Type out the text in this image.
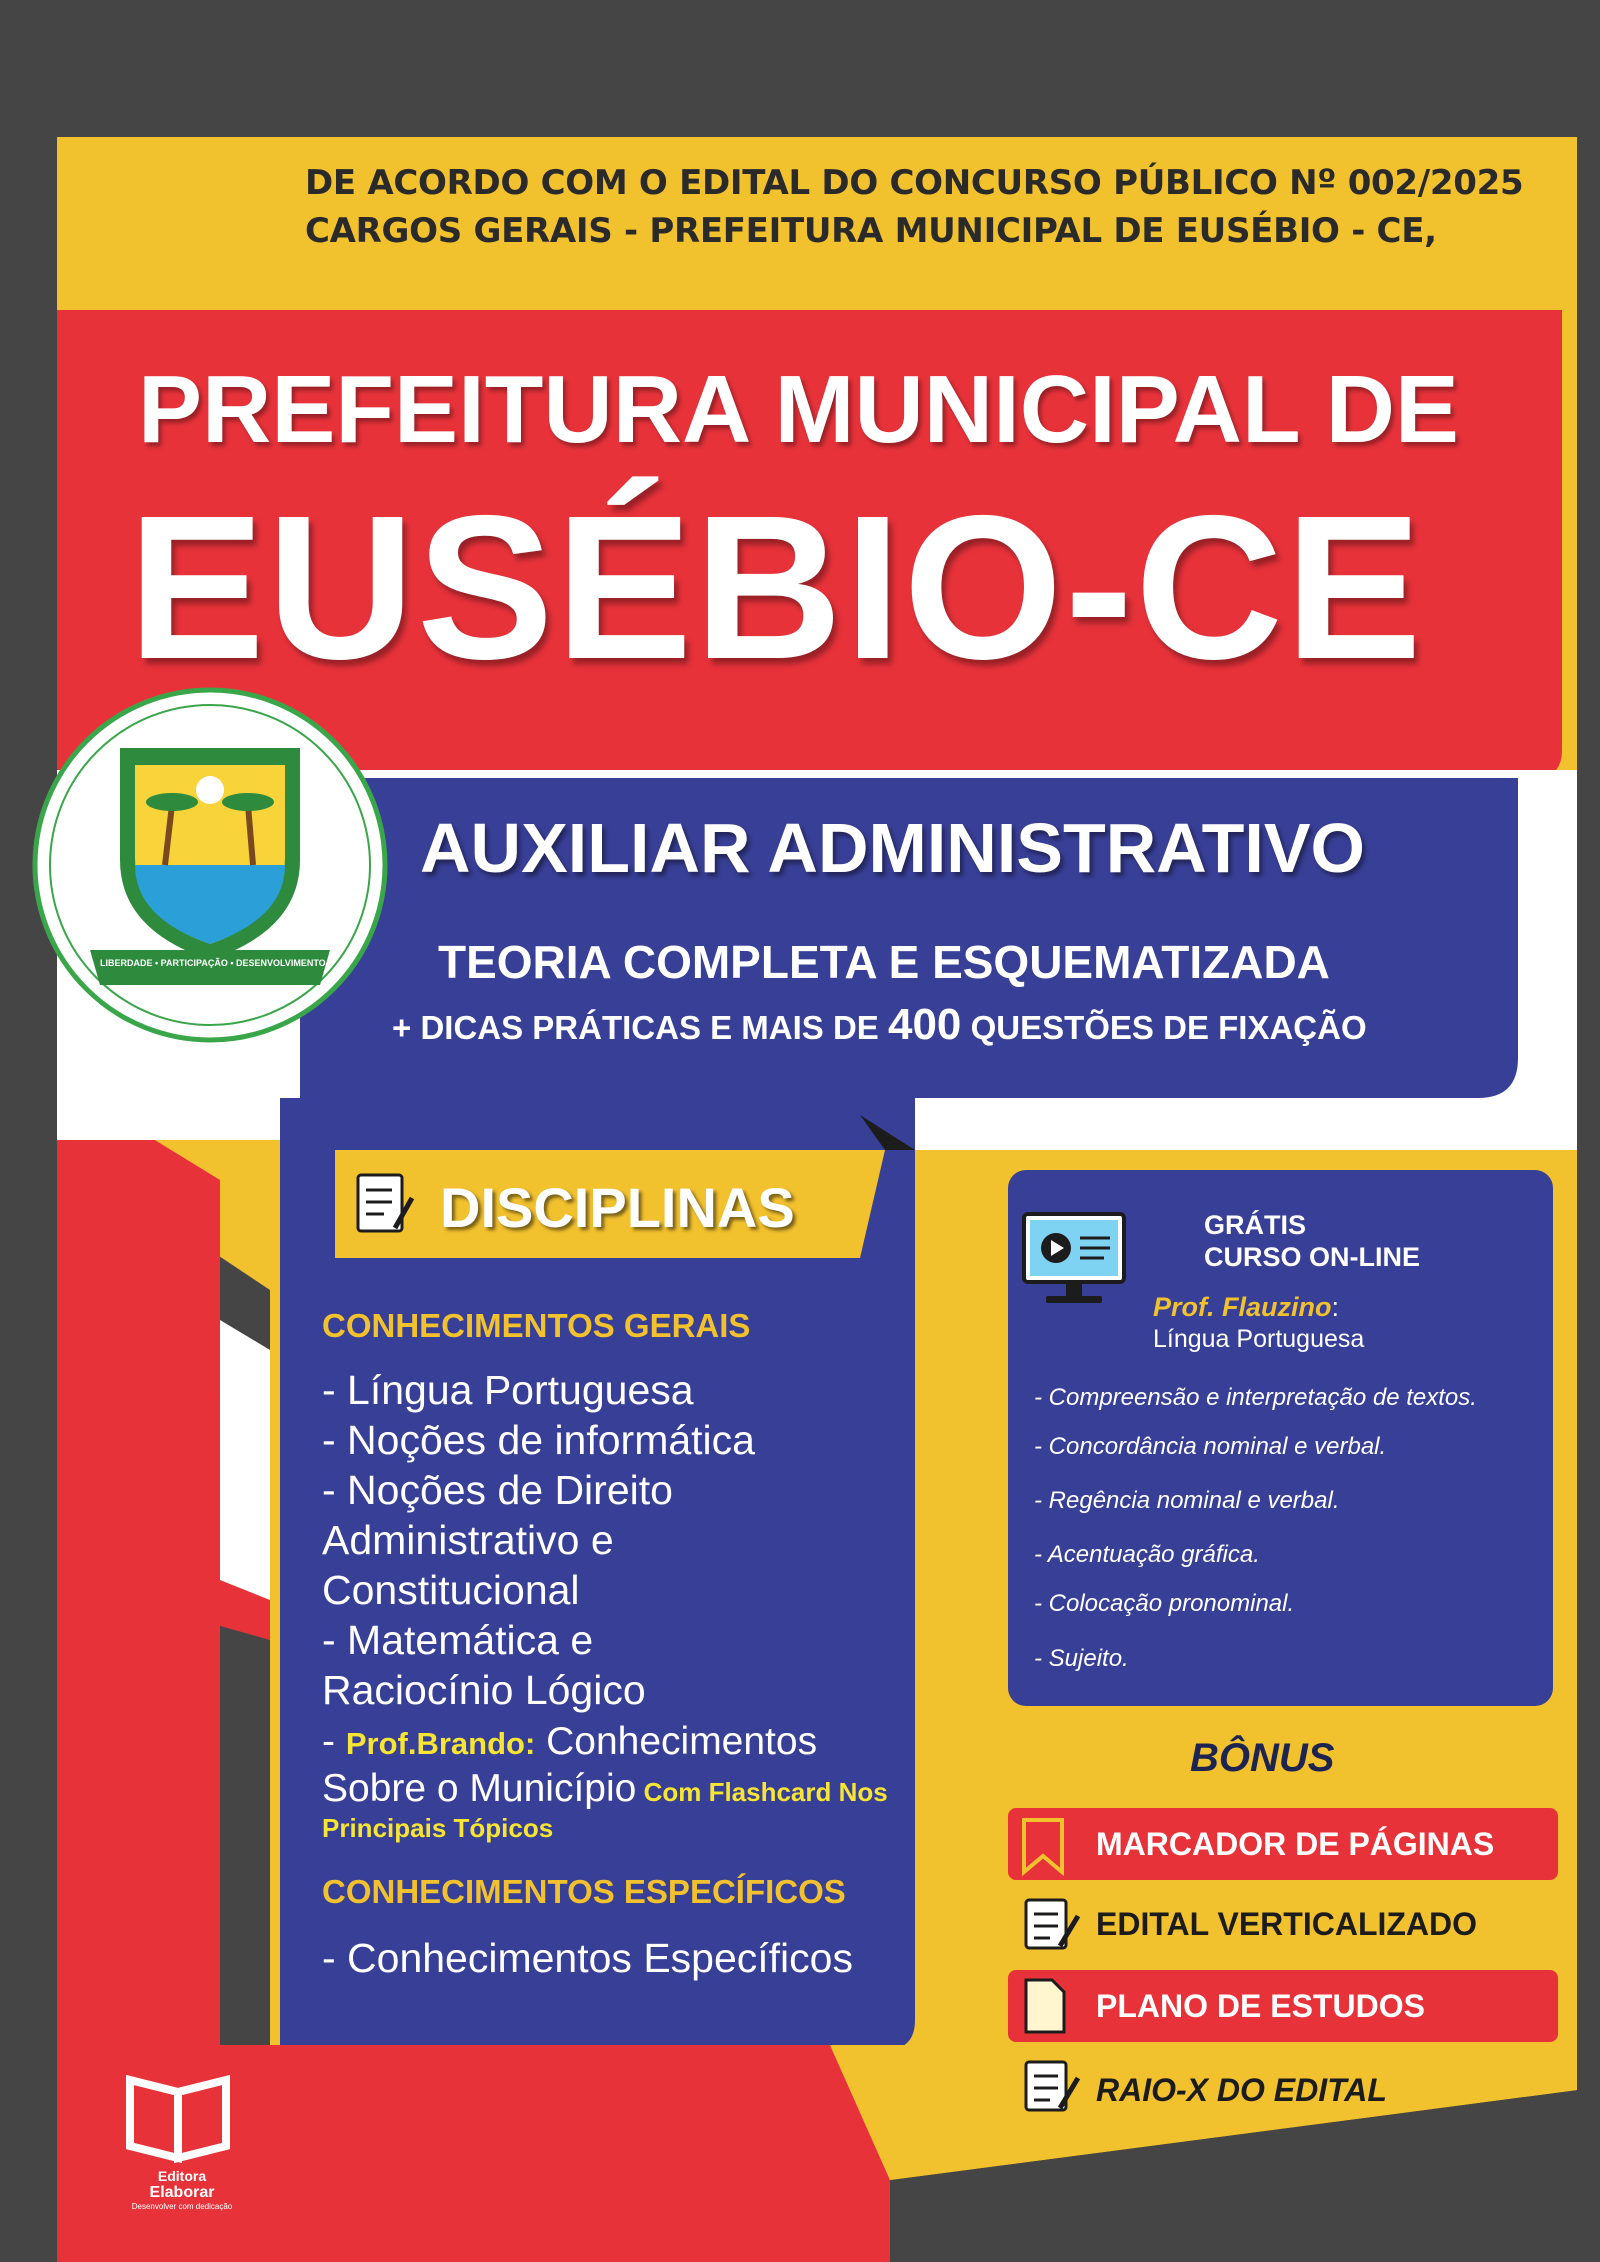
DE ACORDO COM O EDITAL DO CONCURSO PÚBLICO Nº 002/2025
CARGOS GERAIS - PREFEITURA MUNICIPAL DE EUSÉBIO - CE,
PREFEITURA MUNICIPAL DE
EUSÉBIO-CE
LIBERDADE • PARTICIPAÇÃO • DESENVOLVIMENTO
AUXILIAR ADMINISTRATIVO
TEORIA COMPLETA E ESQUEMATIZADA
+ DICAS PRÁTICAS E MAIS DE 400 QUESTÕES DE FIXAÇÃO
DISCIPLINAS
CONHECIMENTOS GERAIS
- Língua Portuguesa
- Noções de informática
- Noções de Direito
Administrativo e
Constitucional
- Matemática e
Raciocínio Lógico
- Prof.Brando: Conhecimentos
Sobre o Município Com Flashcard Nos
Principais Tópicos
CONHECIMENTOS ESPECÍFICOS
- Conhecimentos Específicos
GRÁTIS
CURSO ON-LINE
Prof. Flauzino:
Língua Portuguesa
- Compreensão e interpretação de textos.
- Concordância nominal e verbal.
- Regência nominal e verbal.
- Acentuação gráfica.
- Colocação pronominal.
- Sujeito.
BÔNUS
MARCADOR DE PÁGINAS
EDITAL VERTICALIZADO
PLANO DE ESTUDOS
RAIO-X DO EDITAL
Editora
Elaborar
Desenvolver com dedicação
